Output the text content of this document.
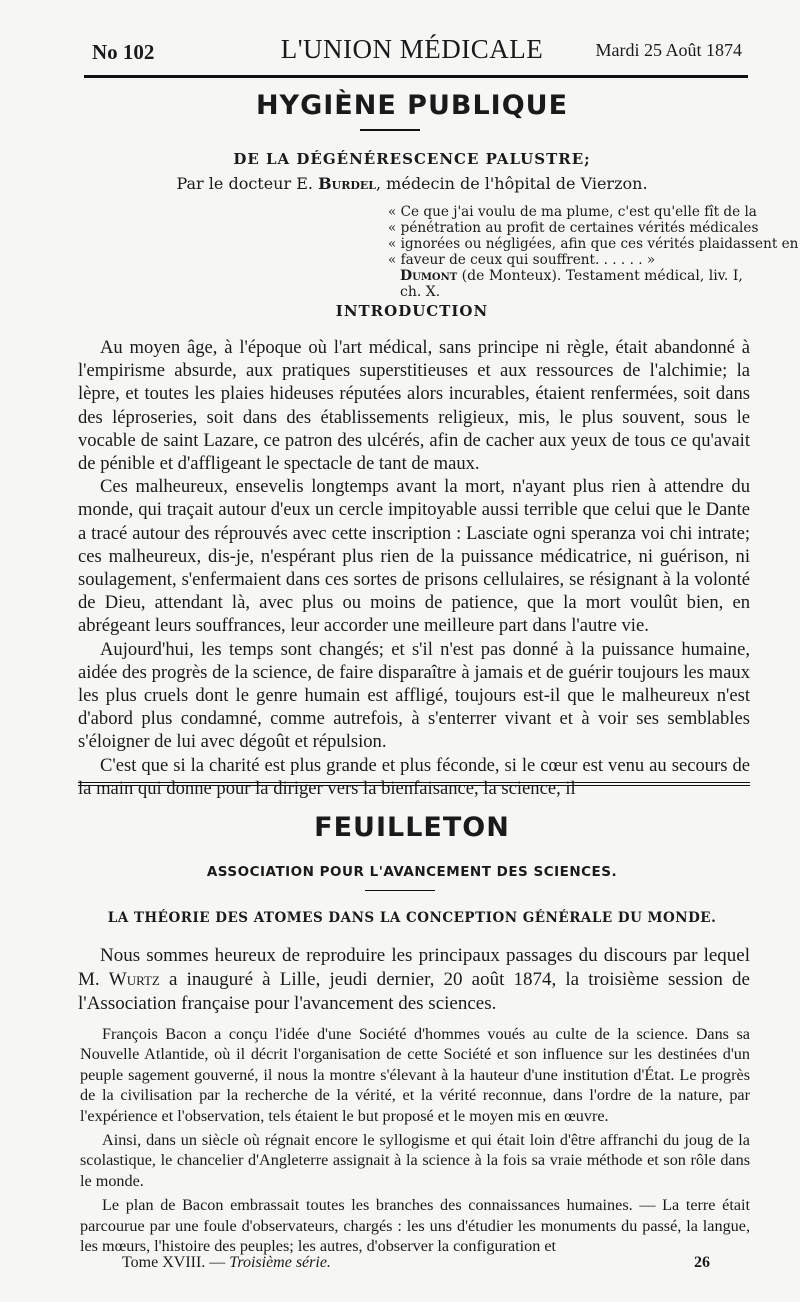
No 102	L'UNION MÉDICALE	Mardi 25 Août 1874
HYGIÈNE PUBLIQUE
DE LA DÉGÉNÉRESCENCE PALUSTRE;
Par le docteur E. Burdel, médecin de l'hôpital de Vierzon.
« Ce que j'ai voulu de ma plume, c'est qu'elle fît de la
« pénétration au profit de certaines vérités médicales
« ignorées ou négligées, afin que ces vérités plaidassent en
« faveur de ceux qui souffrent. . . . . . »
Dumont (de Monteux). Testament médical, liv. I, ch. X.
INTRODUCTION

Au moyen âge, à l'époque où l'art médical, sans principe ni règle, était abandonné à l'empirisme absurde, aux pratiques superstitieuses et aux ressources de l'alchimie; la lèpre, et toutes les plaies hideuses réputées alors incurables, étaient renfermées, soit dans des léproseries, soit dans des établissements religieux, mis, le plus souvent, sous le vocable de saint Lazare, ce patron des ulcérés, afin de cacher aux yeux de tous ce qu'avait de pénible et d'affligeant le spectacle de tant de maux.

Ces malheureux, ensevelis longtemps avant la mort, n'ayant plus rien à attendre du monde, qui traçait autour d'eux un cercle impitoyable aussi terrible que celui que le Dante a tracé autour des réprouvés avec cette inscription : Lasciate ogni speranza voi chi intrate; ces malheureux, dis-je, n'espérant plus rien de la puissance médicatrice, ni guérison, ni soulagement, s'enfermaient dans ces sortes de prisons cellulaires, se résignant à la volonté de Dieu, attendant là, avec plus ou moins de patience, que la mort voulût bien, en abrégeant leurs souffrances, leur accorder une meilleure part dans l'autre vie.

Aujourd'hui, les temps sont changés; et s'il n'est pas donné à la puissance humaine, aidée des progrès de la science, de faire disparaître à jamais et de guérir toujours les maux les plus cruels dont le genre humain est affligé, toujours est-il que le malheureux n'est d'abord plus condamné, comme autrefois, à s'enterrer vivant et à voir ses semblables s'éloigner de lui avec dégoût et répulsion.

C'est que si la charité est plus grande et plus féconde, si le cœur est venu au secours de la main qui donne pour la diriger vers la bienfaisance, la science, il

FEUILLETON
ASSOCIATION POUR L'AVANCEMENT DES SCIENCES.
LA THÉORIE DES ATOMES DANS LA CONCEPTION GÉNÉRALE DU MONDE.

Nous sommes heureux de reproduire les principaux passages du discours par lequel M. Wurtz a inauguré à Lille, jeudi dernier, 20 août 1874, la troisième session de l'Association française pour l'avancement des sciences.

François Bacon a conçu l'idée d'une Société d'hommes voués au culte de la science. Dans sa Nouvelle Atlantide, où il décrit l'organisation de cette Société et son influence sur les destinées d'un peuple sagement gouverné, il nous la montre s'élevant à la hauteur d'une institution d'État. Le progrès de la civilisation par la recherche de la vérité, et la vérité reconnue, dans l'ordre de la nature, par l'expérience et l'observation, tels étaient le but proposé et le moyen mis en œuvre.

Ainsi, dans un siècle où régnait encore le syllogisme et qui était loin d'être affranchi du joug de la scolastique, le chancelier d'Angleterre assignait à la science à la fois sa vraie méthode et son rôle dans le monde.

Le plan de Bacon embrassait toutes les branches des connaissances humaines. — La terre était parcourue par une foule d'observateurs, chargés : les uns d'étudier les monuments du passé, la langue, les mœurs, l'histoire des peuples; les autres, d'observer la configuration et

Tome XVIII. — Troisième série.	26
